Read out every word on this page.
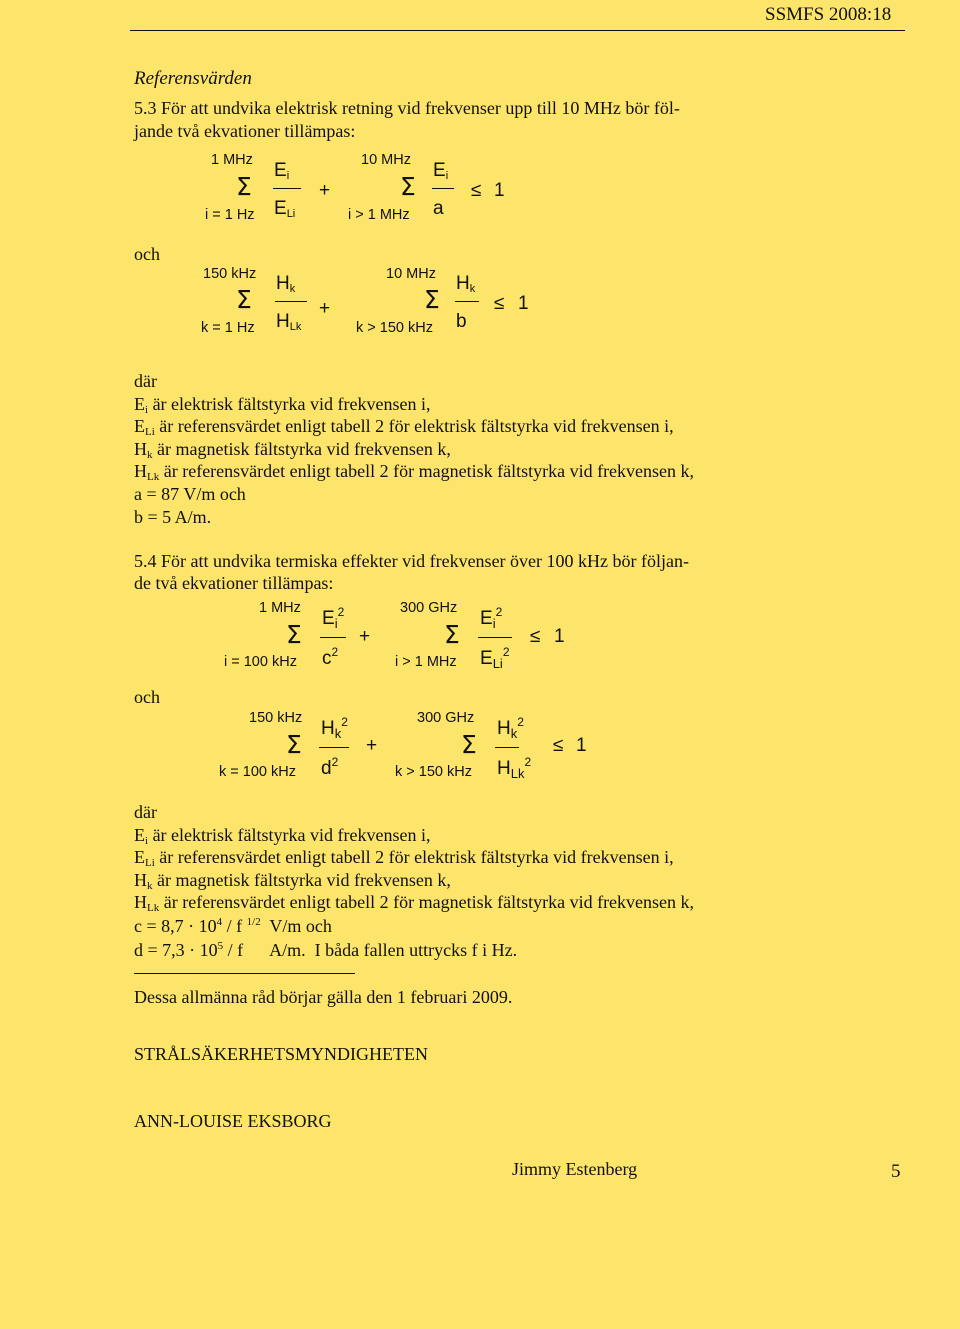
SSMFS 2008:18
Referensvärden
5.3 För att undvika elektrisk retning vid frekvenser upp till 10 MHz bör föl-
jande två ekvationer tillämpas:
1 MHz
Σ
i = 1 Hz
$E_i$
$E_{Li}$
+
10 MHz
Σ
i > 1 MHz
$E_i$
a
≤ 1
och
150 kHz
Σ
k = 1 Hz
$H_k$
$H_{Lk}$
+
10 MHz
Σ
k > 150 kHz
$H_k$
b
≤ 1
där
Ei är elektrisk fältstyrka vid frekvensen i,
ELi är referensvärdet enligt tabell 2 för elektrisk fältstyrka vid frekvensen i,
Hk är magnetisk fältstyrka vid frekvensen k,
HLk är referensvärdet enligt tabell 2 för magnetisk fältstyrka vid frekvensen k,
a = 87 V/m och
b = 5 A/m.
5.4 För att undvika termiska effekter vid frekvenser över 100 kHz bör följan-
de två ekvationer tillämpas:
1 MHz
Σ
i = 100 kHz
$E_i^2$
$c^2$
+
300 GHz
Σ
i > 1 MHz
$E_i^2$
$E_{Li}^2$
≤ 1
och
150 kHz
Σ
k = 100 kHz
$H_k^2$
$d^2$
+
300 GHz
Σ
k > 150 kHz
$H_k^2$
$H_{Lk}^2$
≤ 1
där
Ei är elektrisk fältstyrka vid frekvensen i,
ELi är referensvärdet enligt tabell 2 för elektrisk fältstyrka vid frekvensen i,
Hk är magnetisk fältstyrka vid frekvensen k,
HLk är referensvärdet enligt tabell 2 för magnetisk fältstyrka vid frekvensen k,
$c = 8,7 \cdot 10^4 / f$ $^{1/2}$  V/m och
$d = 7,3 \cdot 10^5 / f$      A/m.  I båda fallen uttrycks f i Hz.
Dessa allmänna råd börjar gälla den 1 februari 2009.
STRÅLSÄKERHETSMYNDIGHETEN
ANN-LOUISE EKSBORG
Jimmy Estenberg	5
